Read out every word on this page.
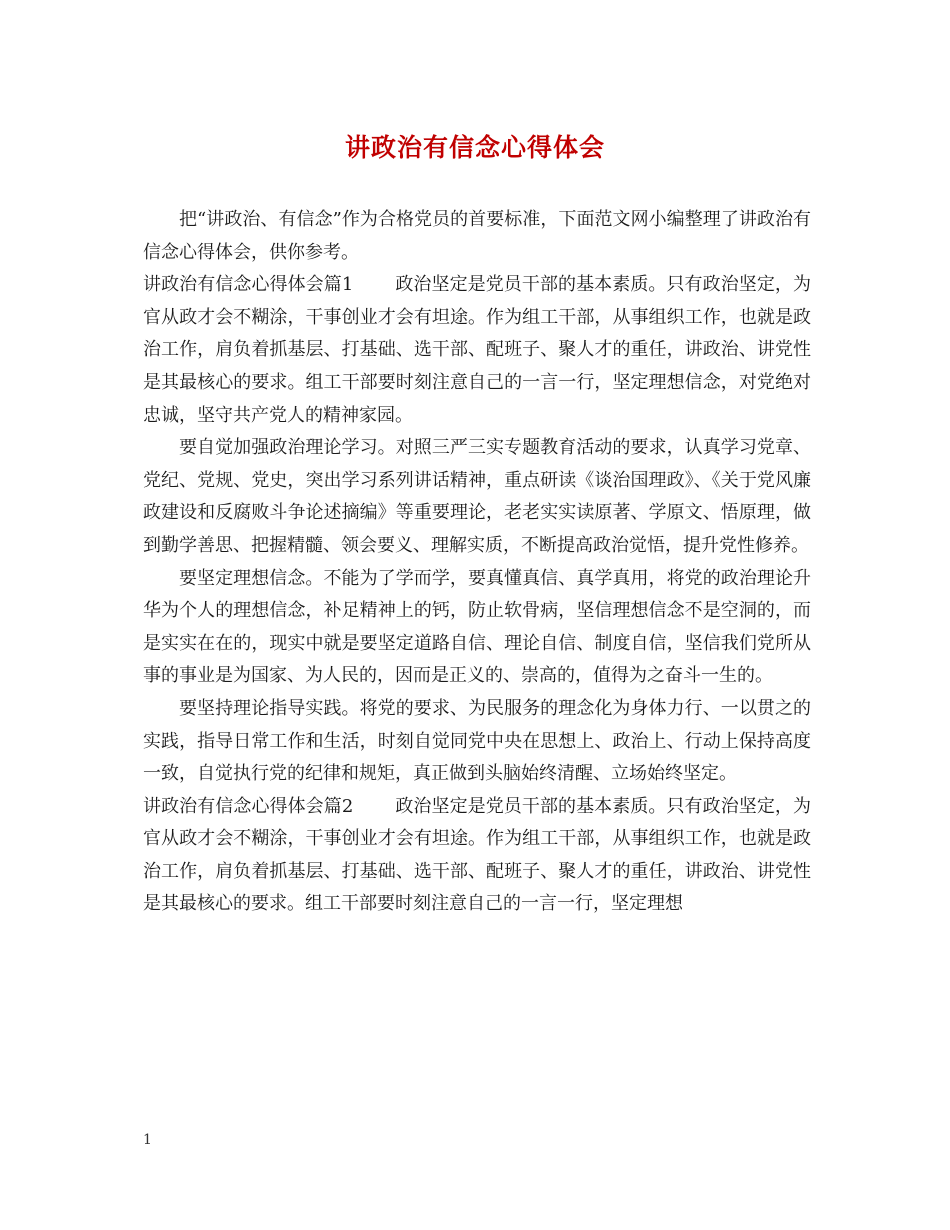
讲政治有信念心得体会

把“讲政治、有信念”作为合格党员的首要标准，下面范文网小编整理了讲政治有信念心得体会，供你参考。

讲政治有信念心得体会篇1 政治坚定是党员干部的基本素质。只有政治坚定，为官从政才会不糊涂，干事创业才会有坦途。作为组工干部，从事组织工作，也就是政治工作，肩负着抓基层、打基础、选干部、配班子、聚人才的重任，讲政治、讲党性是其最核心的要求。组工干部要时刻注意自己的一言一行，坚定理想信念，对党绝对忠诚，坚守共产党人的精神家园。

要自觉加强政治理论学习。对照三严三实专题教育活动的要求，认真学习党章、党纪、党规、党史，突出学习系列讲话精神，重点研读《谈治国理政》、《关于党风廉政建设和反腐败斗争论述摘编》等重要理论，老老实实读原著、学原文、悟原理，做到勤学善思、把握精髓、领会要义、理解实质，不断提高政治觉悟，提升党性修养。

要坚定理想信念。不能为了学而学，要真懂真信、真学真用，将党的政治理论升华为个人的理想信念，补足精神上的钙，防止软骨病，坚信理想信念不是空洞的，而是实实在在的，现实中就是要坚定道路自信、理论自信、制度自信，坚信我们党所从事的事业是为国家、为人民的，因而是正义的、崇高的，值得为之奋斗一生的。

要坚持理论指导实践。将党的要求、为民服务的理念化为身体力行、一以贯之的实践，指导日常工作和生活，时刻自觉同党中央在思想上、政治上、行动上保持高度一致，自觉执行党的纪律和规矩，真正做到头脑始终清醒、立场始终坚定。

讲政治有信念心得体会篇2 政治坚定是党员干部的基本素质。只有政治坚定，为官从政才会不糊涂，干事创业才会有坦途。作为组工干部，从事组织工作，也就是政治工作，肩负着抓基层、打基础、选干部、配班子、聚人才的重任，讲政治、讲党性是其最核心的要求。组工干部要时刻注意自己的一言一行，坚定理想

1
